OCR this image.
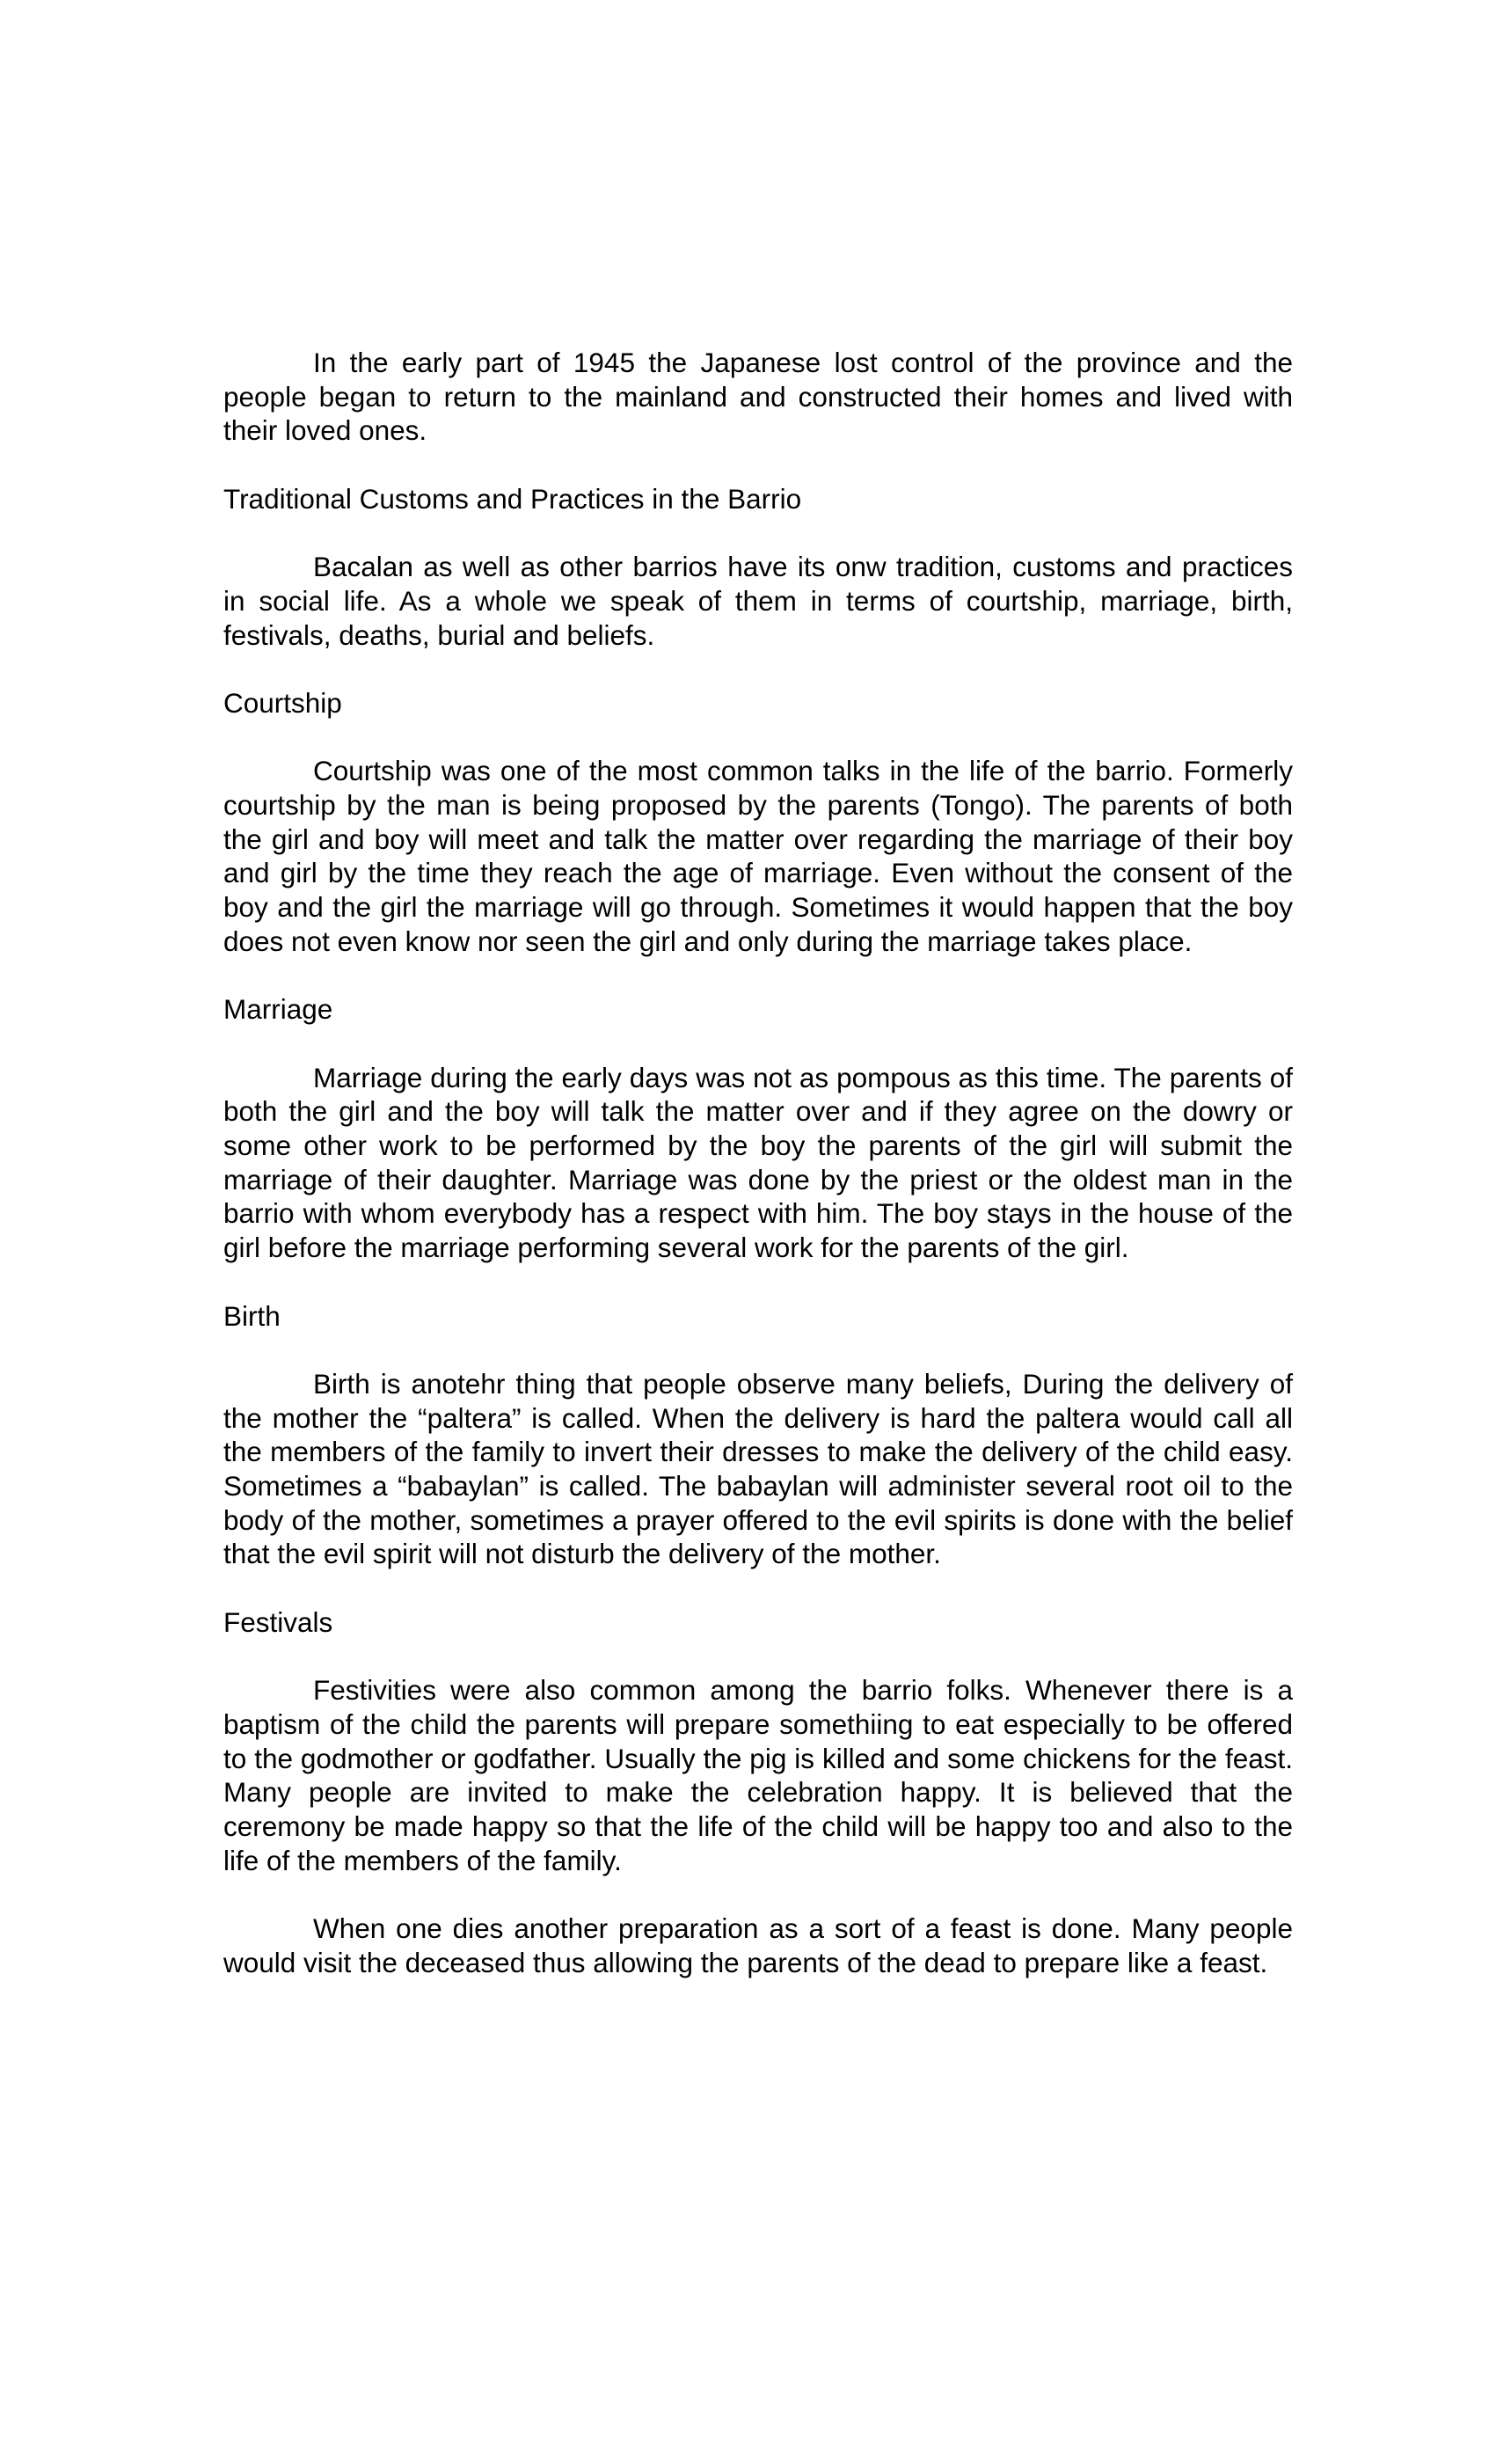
In the early part of 1945 the Japanese lost control of the province and the people began to return to the mainland and constructed their homes and lived with their loved ones.

Traditional Customs and Practices in the Barrio

Bacalan as well as other barrios have its onw tradition, customs and practices in social life. As a whole we speak of them in terms of courtship, marriage, birth, festivals, deaths, burial and beliefs.

Courtship

Courtship was one of the most common talks in the life of the barrio. Formerly courtship by the man is being proposed by the parents (Tongo). The parents of both the girl and boy will meet and talk the matter over regarding the marriage of their boy and girl by the time they reach the age of marriage. Even without the consent of the boy and the girl the marriage will go through. Sometimes it would happen that the boy does not even know nor seen the girl and only during the marriage takes place.

Marriage

Marriage during the early days was not as pompous as this time. The parents of both the girl and the boy will talk the matter over and if they agree on the dowry or some other work to be performed by the boy the parents of the girl will submit the marriage of their daughter. Marriage was done by the priest or the oldest man in the barrio with whom everybody has a respect with him. The boy stays in the house of the girl before the marriage performing several work for the parents of the girl.

Birth

Birth is anotehr thing that people observe many beliefs, During the delivery of the mother the “paltera” is called. When the delivery is hard the paltera would call all the members of the family to invert their dresses to make the delivery of the child easy. Sometimes a “babaylan” is called. The babaylan will administer several root oil to the body of the mother, sometimes a prayer offered to the evil spirits is done with the belief that the evil spirit will not disturb the delivery of the mother.

Festivals

Festivities were also common among the barrio folks. Whenever there is a baptism of the child the parents will prepare somethiing to eat especially to be offered to the godmother or godfather. Usually the pig is killed and some chickens for the feast. Many people are invited to make the celebration happy. It is believed that the ceremony be made happy so that the life of the child will be happy too and also to the life of the members of the family.

When one dies another preparation as a sort of a feast is done. Many people would visit the deceased thus allowing the parents of the dead to prepare like a feast.
